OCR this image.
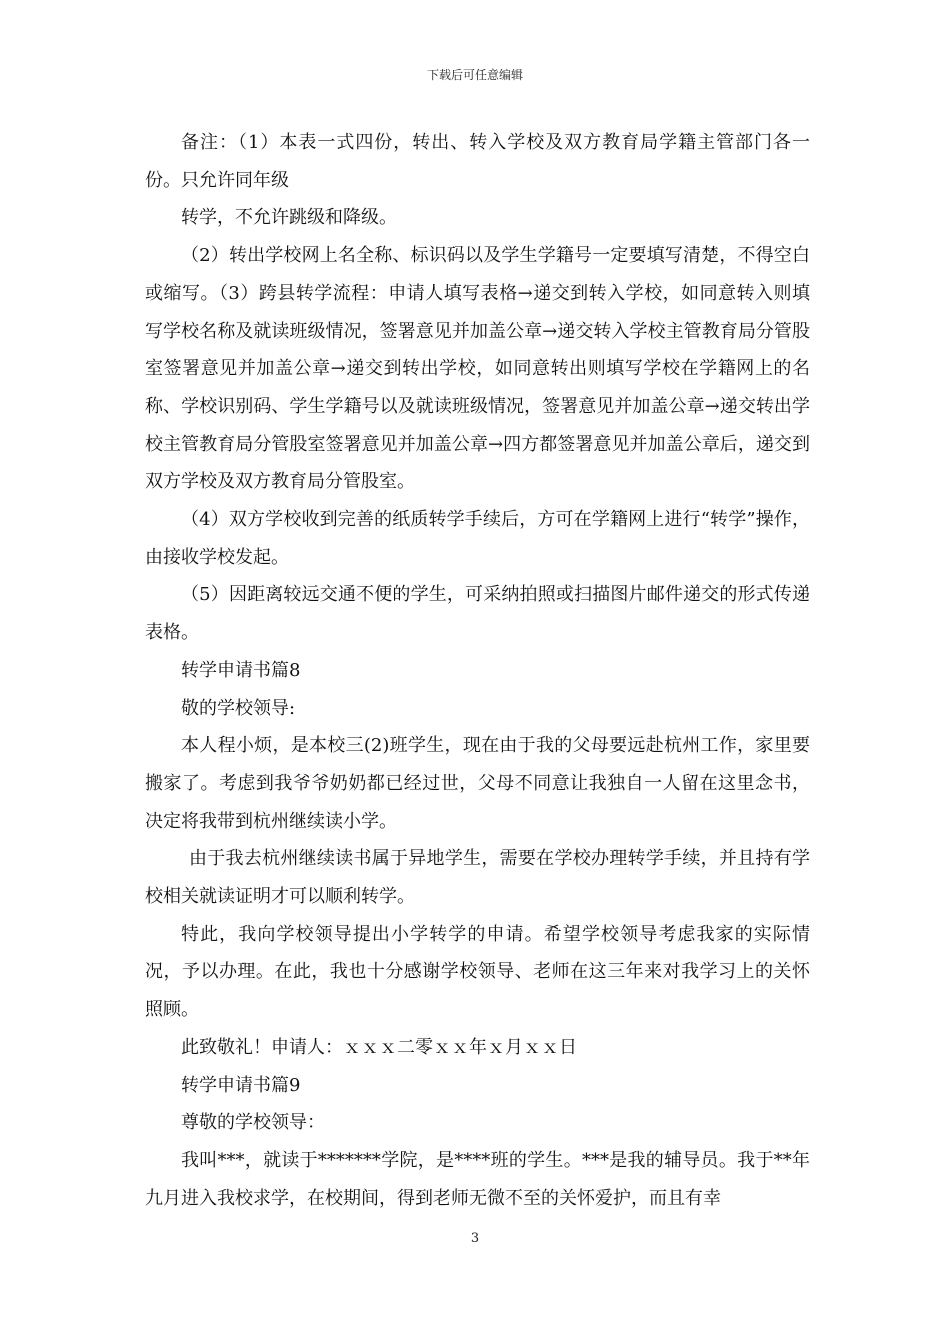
下载后可任意编辑

备注：（1）本表一式四份，转出、转入学校及双方教育局学籍主管部门各一份。只允许同年级

转学，不允许跳级和降级。

（2）转出学校网上名全称、标识码以及学生学籍号一定要填写清楚，不得空白或缩写。（3）跨县转学流程：申请人填写表格→递交到转入学校，如同意转入则填写学校名称及就读班级情况，签署意见并加盖公章→递交转入学校主管教育局分管股室签署意见并加盖公章→递交到转出学校，如同意转出则填写学校在学籍网上的名称、学校识别码、学生学籍号以及就读班级情况，签署意见并加盖公章→递交转出学校主管教育局分管股室签署意见并加盖公章→四方都签署意见并加盖公章后，递交到双方学校及双方教育局分管股室。

（4）双方学校收到完善的纸质转学手续后，方可在学籍网上进行“转学”操作，由接收学校发起。

（5）因距离较远交通不便的学生，可采纳拍照或扫描图片邮件递交的形式传递表格。

转学申请书篇8

敬的学校领导:

本人程小烦，是本校三(2)班学生，现在由于我的父母要远赴杭州工作，家里要搬家了。考虑到我爷爷奶奶都已经过世，父母不同意让我独自一人留在这里念书，决定将我带到杭州继续读小学。

由于我去杭州继续读书属于异地学生，需要在学校办理转学手续，并且持有学校相关就读证明才可以顺利转学。

特此，我向学校领导提出小学转学的申请。希望学校领导考虑我家的实际情况，予以办理。在此，我也十分感谢学校领导、老师在这三年来对我学习上的关怀照顾。

此致敬礼！申请人：ｘｘｘ二零ｘｘ年ｘ月ｘｘ日

转学申请书篇9

尊敬的学校领导：

我叫***，就读于*******学院，是****班的学生。***是我的辅导员。我于**年九月进入我校求学，在校期间，得到老师无微不至的关怀爱护，而且有幸

3
